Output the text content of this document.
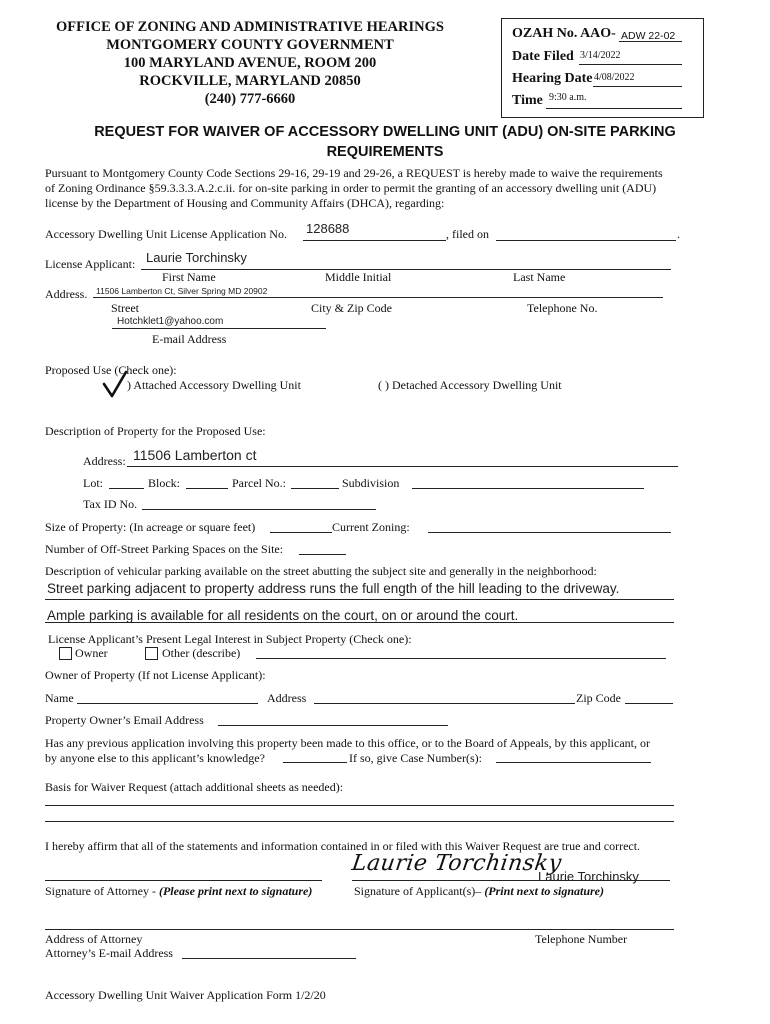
OFFICE OF ZONING AND ADMINISTRATIVE HEARINGS
MONTGOMERY COUNTY GOVERNMENT
100 MARYLAND AVENUE, ROOM 200
ROCKVILLE, MARYLAND 20850
(240) 777-6660
OZAH No. AAO- ADW 22-02
Date Filed 3/14/2022
Hearing Date 4/08/2022
Time 9:30 a.m.
REQUEST FOR WAIVER OF ACCESSORY DWELLING UNIT (ADU) ON-SITE PARKING
REQUIREMENTS
Pursuant to Montgomery County Code Sections 29-16, 29-19 and 29-26, a REQUEST is hereby made to waive the requirements
of Zoning Ordinance §59.3.3.3.A.2.c.ii. for on-site parking in order to permit the granting of an accessory dwelling unit (ADU)
license by the Department of Housing and Community Affairs (DHCA), regarding:
Accessory Dwelling Unit License Application No. 128688	, filed on	.
License Applicant: Laurie Torchinsky
First Name	Middle Initial	Last Name
Address. 11506 Lamberton Ct, Silver Spring MD 20902
Street	City & Zip Code	Telephone No.
Hotchklet1@yahoo.com
E-mail Address
Proposed Use (Check one):
) Attached Accessory Dwelling Unit	( ) Detached Accessory Dwelling Unit
Description of Property for the Proposed Use:
Address: 11506 Lamberton ct
Lot:	Block:	Parcel No.:	Subdivision
Tax ID No.
Size of Property: (In acreage or square feet)	Current Zoning:
Number of Off-Street Parking Spaces on the Site:
Description of vehicular parking available on the street abutting the subject site and generally in the neighborhood:
Street parking adjacent to property address runs the full ength of the hill leading to the driveway.
Ample parking is available for all residents on the court, on or around the court.
License Applicant’s Present Legal Interest in Subject Property (Check one):
Owner	Other (describe)
Owner of Property (If not License Applicant):
Name	Address	Zip Code
Property Owner’s Email Address
Has any previous application involving this property been made to this office, or to the Board of Appeals, by this applicant, or
by anyone else to this applicant’s knowledge?	If so, give Case Number(s):
Basis for Waiver Request (attach additional sheets as needed):
I hereby affirm that all of the statements and information contained in or filed with this Waiver Request are true and correct.
Laurie Torchinsky
Laurie Torchinsky
Signature of Attorney - (Please print next to signature)	Signature of Applicant(s)– (Print next to signature)
Address of Attorney	Telephone Number
Attorney’s E-mail Address
Accessory Dwelling Unit Waiver Application Form 1/2/20
